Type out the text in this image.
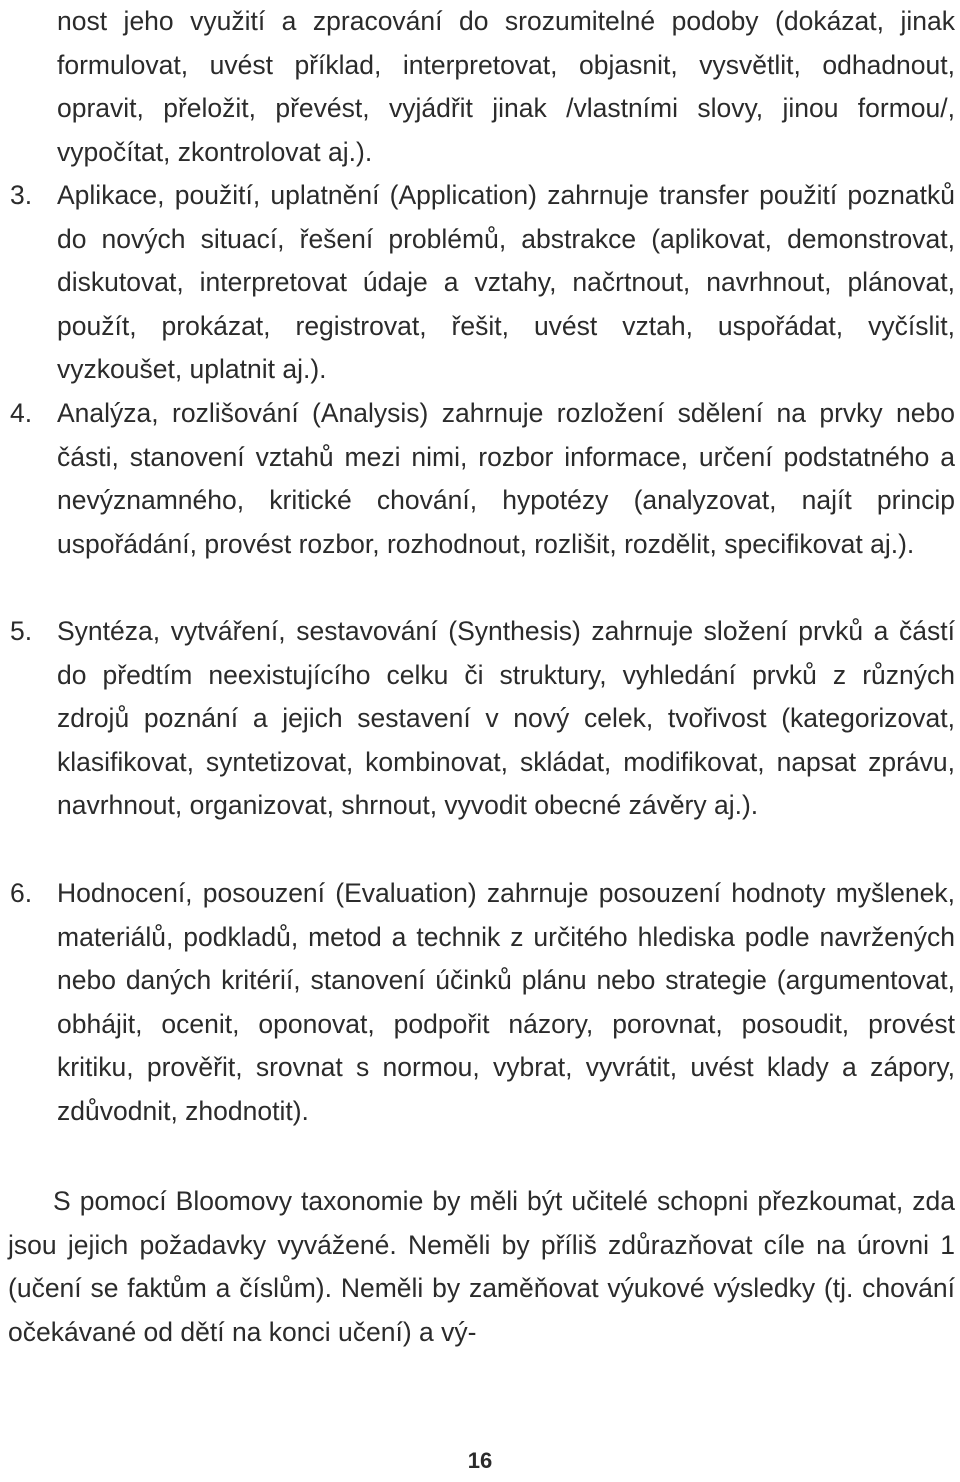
nost jeho využití a zpracování do srozumitelné podoby (dokázat, jinak formulovat, uvést příklad, interpretovat, objasnit, vysvětlit, odhadnout, opravit, přeložit, převést, vyjádřit jinak /vlastními slovy, jinou formou/, vypočítat, zkontrolovat aj.).

3. Aplikace, použití, uplatnění (Application) zahrnuje transfer použití poznatků do nových situací, řešení problémů, abstrakce (aplikovat, demonstrovat, diskutovat, interpretovat údaje a vztahy, načrtnout, navrhnout, plánovat, použít, prokázat, registrovat, řešit, uvést vztah, uspořádat, vyčíslit, vyzkoušet, uplatnit aj.).
4. Analýza, rozlišování (Analysis) zahrnuje rozložení sdělení na prvky nebo části, stanovení vztahů mezi nimi, rozbor informace, určení podstatného a nevýznamného, kritické chování, hypotézy (analyzovat, najít princip uspořádání, provést rozbor, rozhodnout, rozlišit, rozdělit, specifikovat aj.).
5. Syntéza, vytváření, sestavování (Synthesis) zahrnuje složení prvků a částí do předtím neexistujícího celku či struktury, vyhledání prvků z různých zdrojů poznání a jejich sestavení v nový celek, tvořivost (kategorizovat, klasifikovat, syntetizovat, kombinovat, skládat, modifikovat, napsat zprávu, navrhnout, organizovat, shrnout, vyvodit obecné závěry aj.).
6. Hodnocení, posouzení (Evaluation) zahrnuje posouzení hodnoty myšlenek, materiálů, podkladů, metod a technik z určitého hlediska podle navržených nebo daných kritérií, stanovení účinků plánu nebo strategie (argumentovat, obhájit, ocenit, oponovat, podpořit názory, porovnat, posoudit, provést kritiku, prověřit, srovnat s normou, vybrat, vyvrátit, uvést klady a zápory, zdůvodnit, zhodnotit).

S pomocí Bloomovy taxonomie by měli být učitelé schopni přezkoumat, zda jsou jejich požadavky vyvážené. Neměli by příliš zdůrazňovat cíle na úrovni 1 (učení se faktům a číslům). Neměli by zaměňovat výukové výsledky (tj. chování očekávané od dětí na konci učení) a vý-

16
